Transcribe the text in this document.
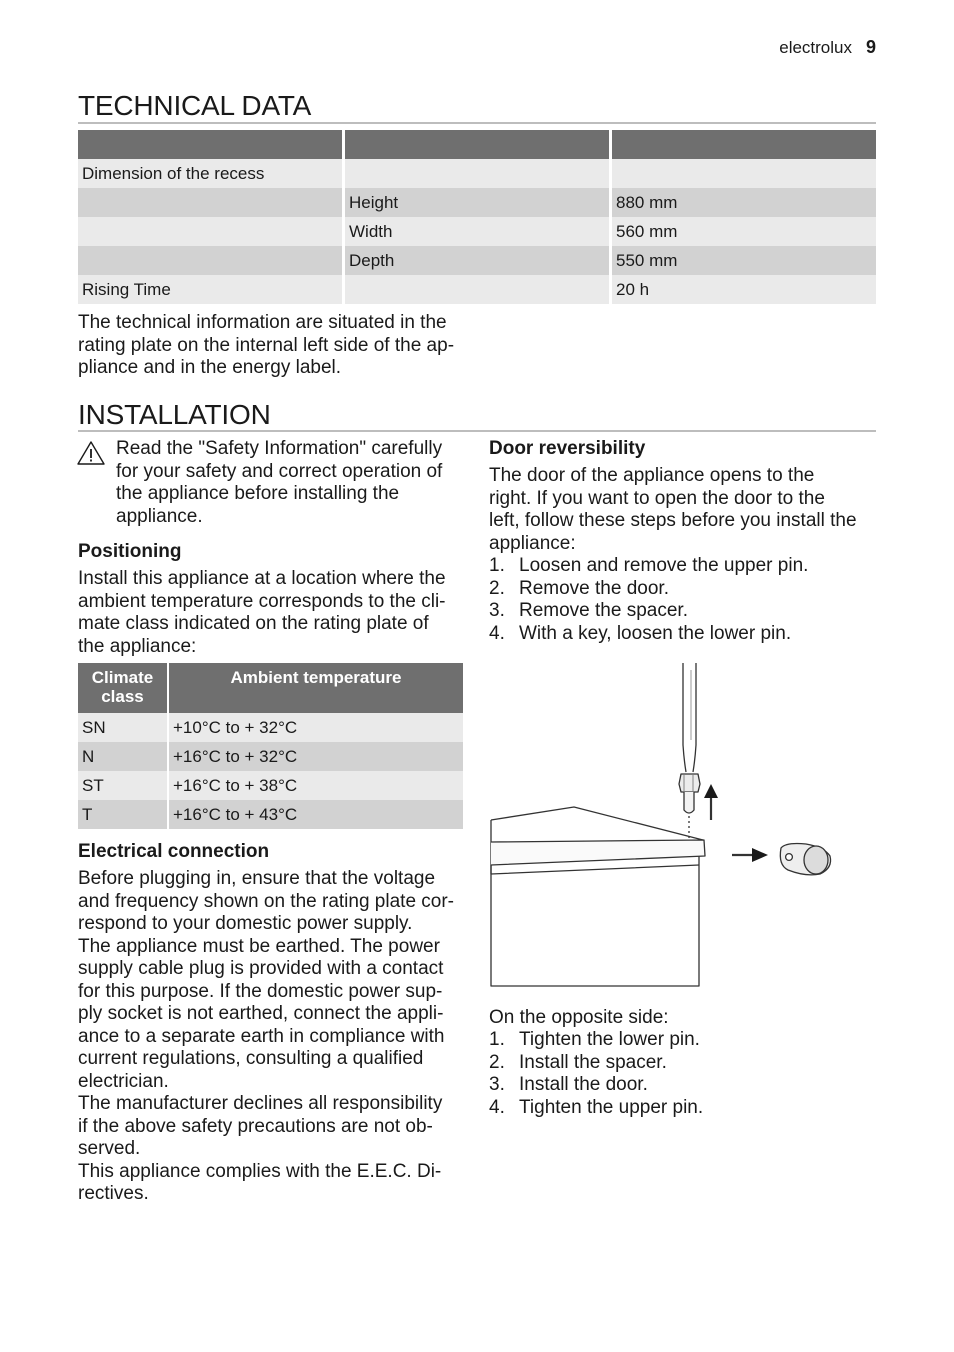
electrolux 9
TECHNICAL DATA

Dimension of the recess		
	Height	880 mm
	Width	560 mm
	Depth	550 mm
Rising Time		20 h
The technical information are situated in the
rating plate on the internal left side of the ap-
pliance and in the energy label.
INSTALLATION
Read the "Safety Information" carefully
for your safety and correct operation of
the appliance before installing the
appliance.
Positioning
Install this appliance at a location where the
ambient temperature corresponds to the cli-
mate class indicated on the rating plate of
the appliance:
Climate
class	Ambient temperature
SN	+10°C to + 32°C
N	+16°C to + 32°C
ST	+16°C to + 38°C
T	+16°C to + 43°C
Electrical connection
Before plugging in, ensure that the voltage
and frequency shown on the rating plate cor-
respond to your domestic power supply.
The appliance must be earthed. The power
supply cable plug is provided with a contact
for this purpose. If the domestic power sup-
ply socket is not earthed, connect the appli-
ance to a separate earth in compliance with
current regulations, consulting a qualified
electrician.
The manufacturer declines all responsibility
if the above safety precautions are not ob-
served.
This appliance complies with the E.E.C. Di-
rectives.
Door reversibility
The door of the appliance opens to the
right. If you want to open the door to the
left, follow these steps before you install the
appliance:
1. Loosen and remove the upper pin.
2. Remove the door.
3. Remove the spacer.
4. With a key, loosen the lower pin.
On the opposite side:
1. Tighten the lower pin.
2. Install the spacer.
3. Install the door.
4. Tighten the upper pin.
